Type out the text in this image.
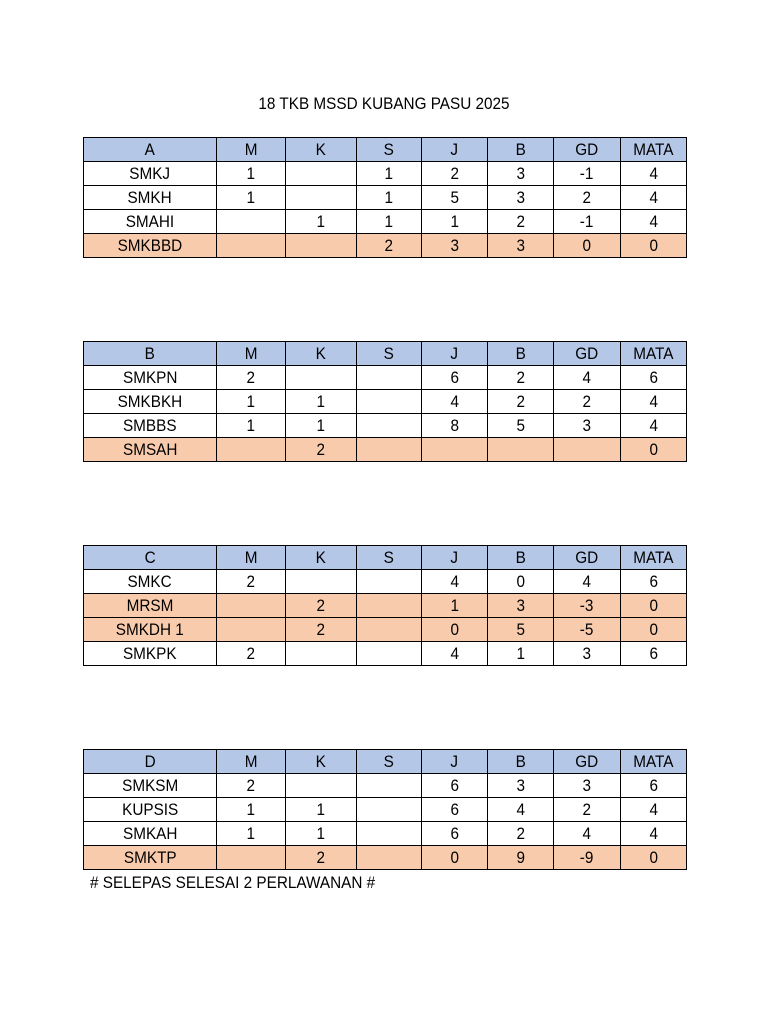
18 TKB MSSD KUBANG PASU 2025
A	M	K	S	J	B	GD	MATA
SMKJ	1		1	2	3	-1	4
SMKH	1		1	5	3	2	4
SMAHI		1	1	1	2	-1	4
SMKBBD			2	3	3	0	0
B	M	K	S	J	B	GD	MATA
SMKPN	2			6	2	4	6
SMKBKH	1	1		4	2	2	4
SMBBS	1	1		8	5	3	4
SMSAH		2					0
C	M	K	S	J	B	GD	MATA
SMKC	2			4	0	4	6
MRSM		2		1	3	-3	0
SMKDH 1		2		0	5	-5	0
SMKPK	2			4	1	3	6
D	M	K	S	J	B	GD	MATA
SMKSM	2			6	3	3	6
KUPSIS	1	1		6	4	2	4
SMKAH	1	1		6	2	4	4
SMKTP		2		0	9	-9	0
# SELEPAS SELESAI 2 PERLAWANAN #
